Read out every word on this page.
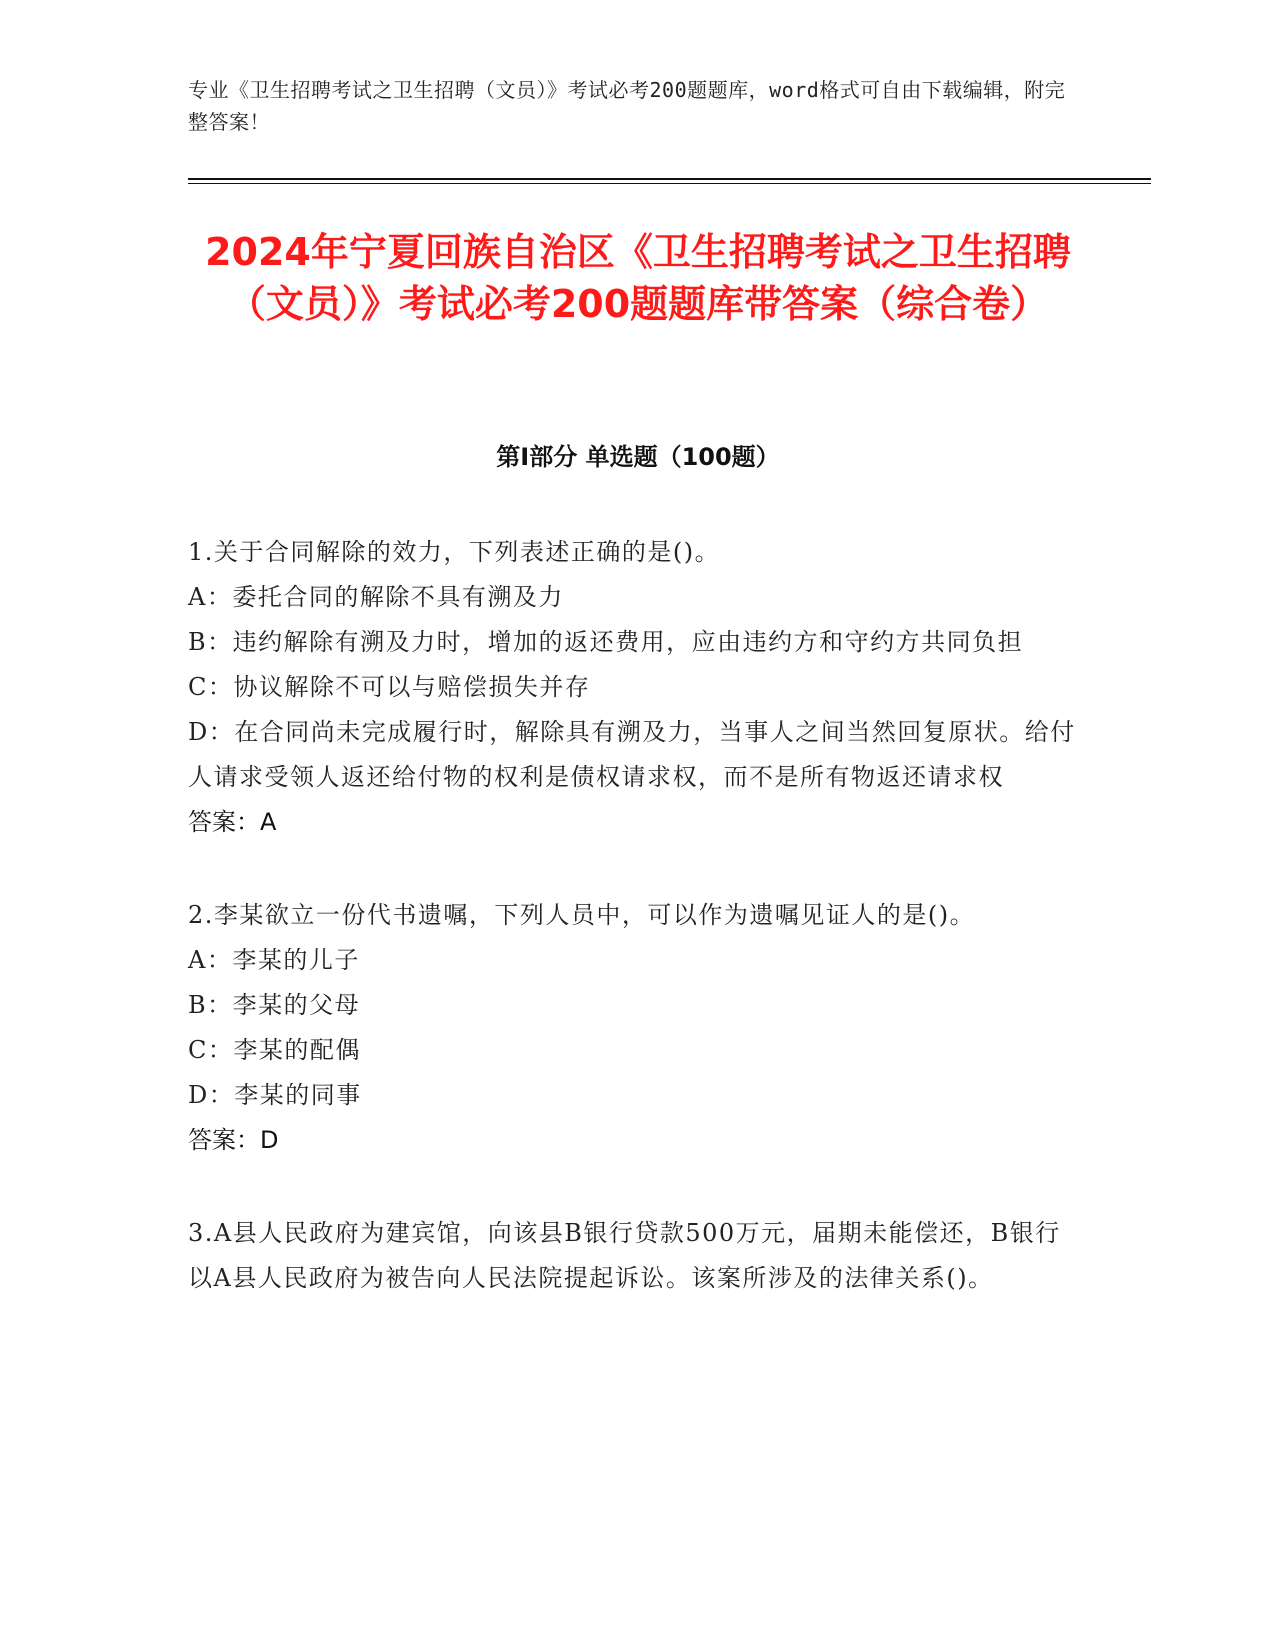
专业《卫生招聘考试之卫生招聘（文员）》考试必考200题题库，word格式可自由下载编辑，附完整答案！
2024年宁夏回族自治区《卫生招聘考试之卫生招聘（文员）》考试必考200题题库带答案（综合卷）
第I部分 单选题（100题）

1.关于合同解除的效力，下列表述正确的是()。

A：委托合同的解除不具有溯及力

B：违约解除有溯及力时，增加的返还费用，应由违约方和守约方共同负担

C：协议解除不可以与赔偿损失并存

D：在合同尚未完成履行时，解除具有溯及力，当事人之间当然回复原状。给付人请求受领人返还给付物的权利是债权请求权，而不是所有物返还请求权

答案：A

2.李某欲立一份代书遗嘱，下列人员中，可以作为遗嘱见证人的是()。

A：李某的儿子

B：李某的父母

C：李某的配偶

D：李某的同事

答案：D

3.A县人民政府为建宾馆，向该县B银行贷款500万元，届期未能偿还，B银行以A县人民政府为被告向人民法院提起诉讼。该案所涉及的法律关系()。
